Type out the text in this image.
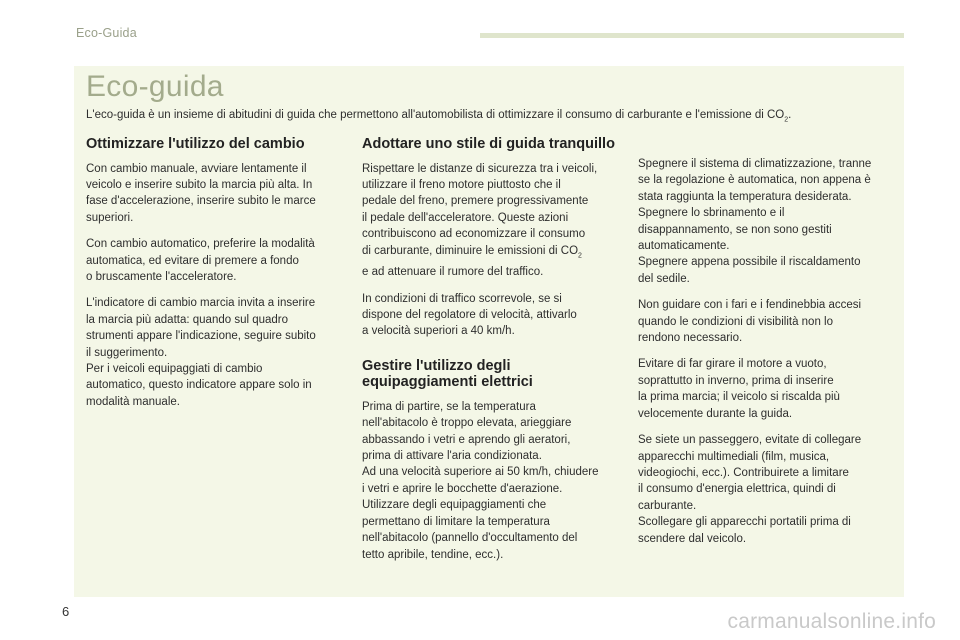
Eco-Guida
Eco-guida

L'eco-guida è un insieme di abitudini di guida che permettono all'automobilista di ottimizzare il consumo di carburante e l'emissione di $CO_2$.

Ottimizzare l'utilizzo del cambio

Con cambio manuale, avviare lentamente il
veicolo e inserire subito la marcia più alta. In
fase d'accelerazione, inserire subito le marce
superiori.

Con cambio automatico, preferire la modalità
automatica, ed evitare di premere a fondo
o bruscamente l'acceleratore.

L'indicatore di cambio marcia invita a inserire
la marcia più adatta: quando sul quadro
strumenti appare l'indicazione, seguire subito
il suggerimento.
Per i veicoli equipaggiati di cambio
automatico, questo indicatore appare solo in
modalità manuale.

Adottare uno stile di guida tranquillo

Rispettare le distanze di sicurezza tra i veicoli,
utilizzare il freno motore piuttosto che il
pedale del freno, premere progressivamente
il pedale dell'acceleratore. Queste azioni
contribuiscono ad economizzare il consumo
di carburante, diminuire le emissioni di $CO_2$
e ad attenuare il rumore del traffico.

In condizioni di traffico scorrevole, se si
dispone del regolatore di velocità, attivarlo
a velocità superiori a 40 km/h.

Gestire l'utilizzo degli
equipaggiamenti elettrici

Prima di partire, se la temperatura
nell'abitacolo è troppo elevata, arieggiare
abbassando i vetri e aprendo gli aeratori,
prima di attivare l'aria condizionata.
Ad una velocità superiore ai 50 km/h, chiudere
i vetri e aprire le bocchette d'aerazione.
Utilizzare degli equipaggiamenti che
permettano di limitare la temperatura
nell'abitacolo (pannello d'occultamento del
tetto apribile, tendine, ecc.).

Spegnere il sistema di climatizzazione, tranne
se la regolazione è automatica, non appena è
stata raggiunta la temperatura desiderata.
Spegnere lo sbrinamento e il
disappannamento, se non sono gestiti
automaticamente.
Spegnere appena possibile il riscaldamento
del sedile.

Non guidare con i fari e i fendinebbia accesi
quando le condizioni di visibilità non lo
rendono necessario.

Evitare di far girare il motore a vuoto,
soprattutto in inverno, prima di inserire
la prima marcia; il veicolo si riscalda più
velocemente durante la guida.

Se siete un passeggero, evitate di collegare
apparecchi multimediali (film, musica,
videogiochi, ecc.). Contribuirete a limitare
il consumo d'energia elettrica, quindi di
carburante.
Scollegare gli apparecchi portatili prima di
scendere dal veicolo.

6	carmanualsonline.info
